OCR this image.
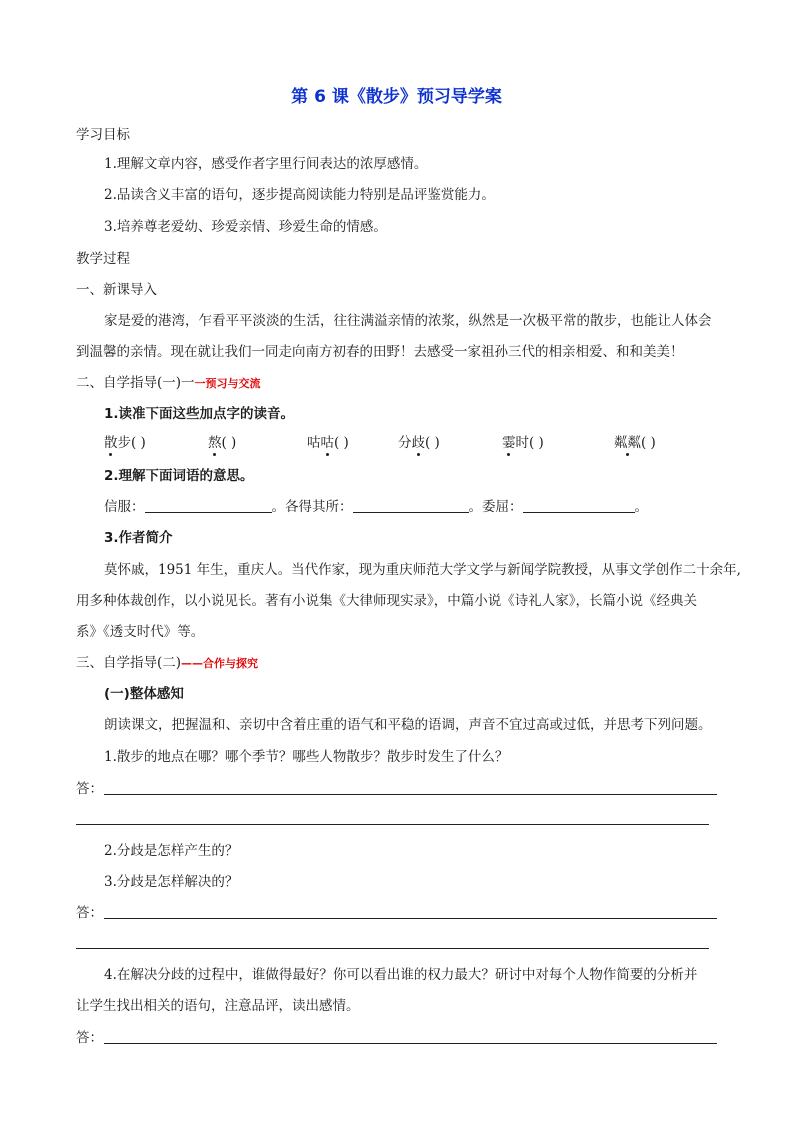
第 6 课《散步》预习导学案
学习目标
1.理解文章内容，感受作者字里行间表达的浓厚感情。
2.品读含义丰富的语句，逐步提高阅读能力特别是品评鉴赏能力。
3.培养尊老爱幼、珍爱亲情、珍爱生命的情感。
教学过程
一、新课导入
家是爱的港湾，乍看平平淡淡的生活，往往满溢亲情的浓浆，纵然是一次极平常的散步，也能让人体会
到温馨的亲情。现在就让我们一同走向南方初春的田野！去感受一家祖孙三代的相亲相爱、和和美美！
二、自学指导(一)一一预习与交流
1.读准下面这些加点字的读音。
散步( )	熬( )	咕咕( )	分歧( )	霎时( )	粼粼( )
2.理解下面词语的意思。
信服：	。各得其所：	。委屈：	。
3.作者简介
莫怀戚，1951 年生，重庆人。当代作家，现为重庆师范大学文学与新闻学院教授，从事文学创作二十余年,
用多种体裁创作，以小说见长。著有小说集《大律师现实录》，中篇小说《诗礼人家》，长篇小说《经典关
系》《透支时代》等。
三、自学指导(二)——合作与探究
(一)整体感知
朗读课文，把握温和、亲切中含着庄重的语气和平稳的语调，声音不宜过高或过低，并思考下列问题。
1.散步的地点在哪？哪个季节？哪些人物散步？散步时发生了什么？
答：
2.分歧是怎样产生的？
3.分歧是怎样解决的？
答：
4.在解决分歧的过程中，谁做得最好？你可以看出谁的权力最大？研讨中对每个人物作简要的分析并
让学生找出相关的语句，注意品评，读出感情。
答：
